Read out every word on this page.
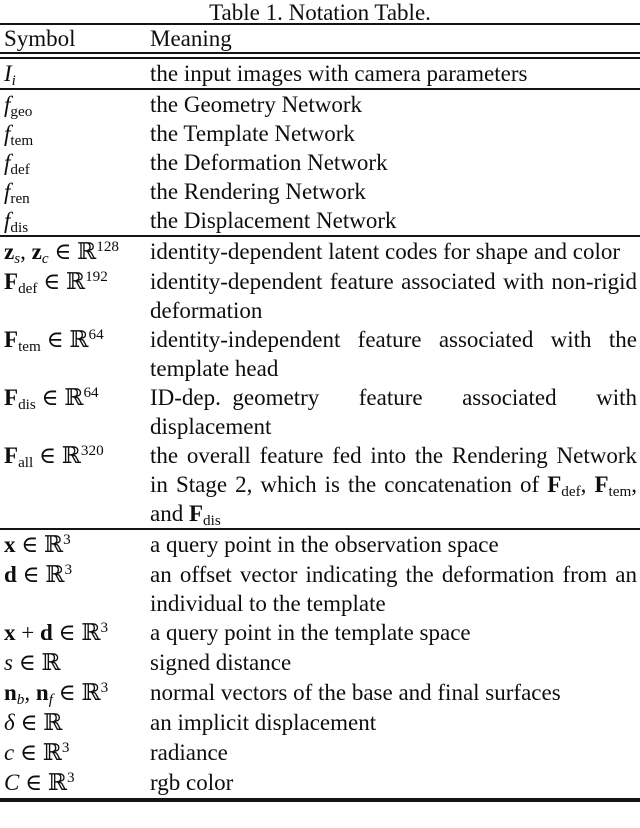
Table 1. Notation Table.
Symbol	Meaning
Ii	the input images with camera parameters
fgeo	the Geometry Network
ftem	the Template Network
fdef	the Deformation Network
fren	the Rendering Network
fdis	the Displacement Network
zs, zc ∈ ℝ$^{128}$	identity-dependent latent codes for shape and color
Fdef ∈ ℝ$^{192}$	identity-dependent feature associated with non-rigid deformation
Ftem ∈ ℝ$^{64}$	identity-independent feature associated with the template head
Fdis ∈ ℝ$^{64}$	ID-dep. geometry feature associated with displacement
Fall ∈ ℝ$^{320}$	the overall feature fed into the Rendering Network in Stage 2, which is the concatenation of Fdef, Ftem, and Fdis
x ∈ ℝ$^3$	a query point in the observation space
d ∈ ℝ$^3$	an offset vector indicating the deformation from an individual to the template
x + d ∈ ℝ$^3$	a query point in the template space
s ∈ ℝ	signed distance
nb, nf ∈ ℝ$^3$	normal vectors of the base and final surfaces
δ ∈ ℝ	an implicit displacement
c ∈ ℝ$^3$	radiance
C ∈ ℝ$^3$	rgb color
